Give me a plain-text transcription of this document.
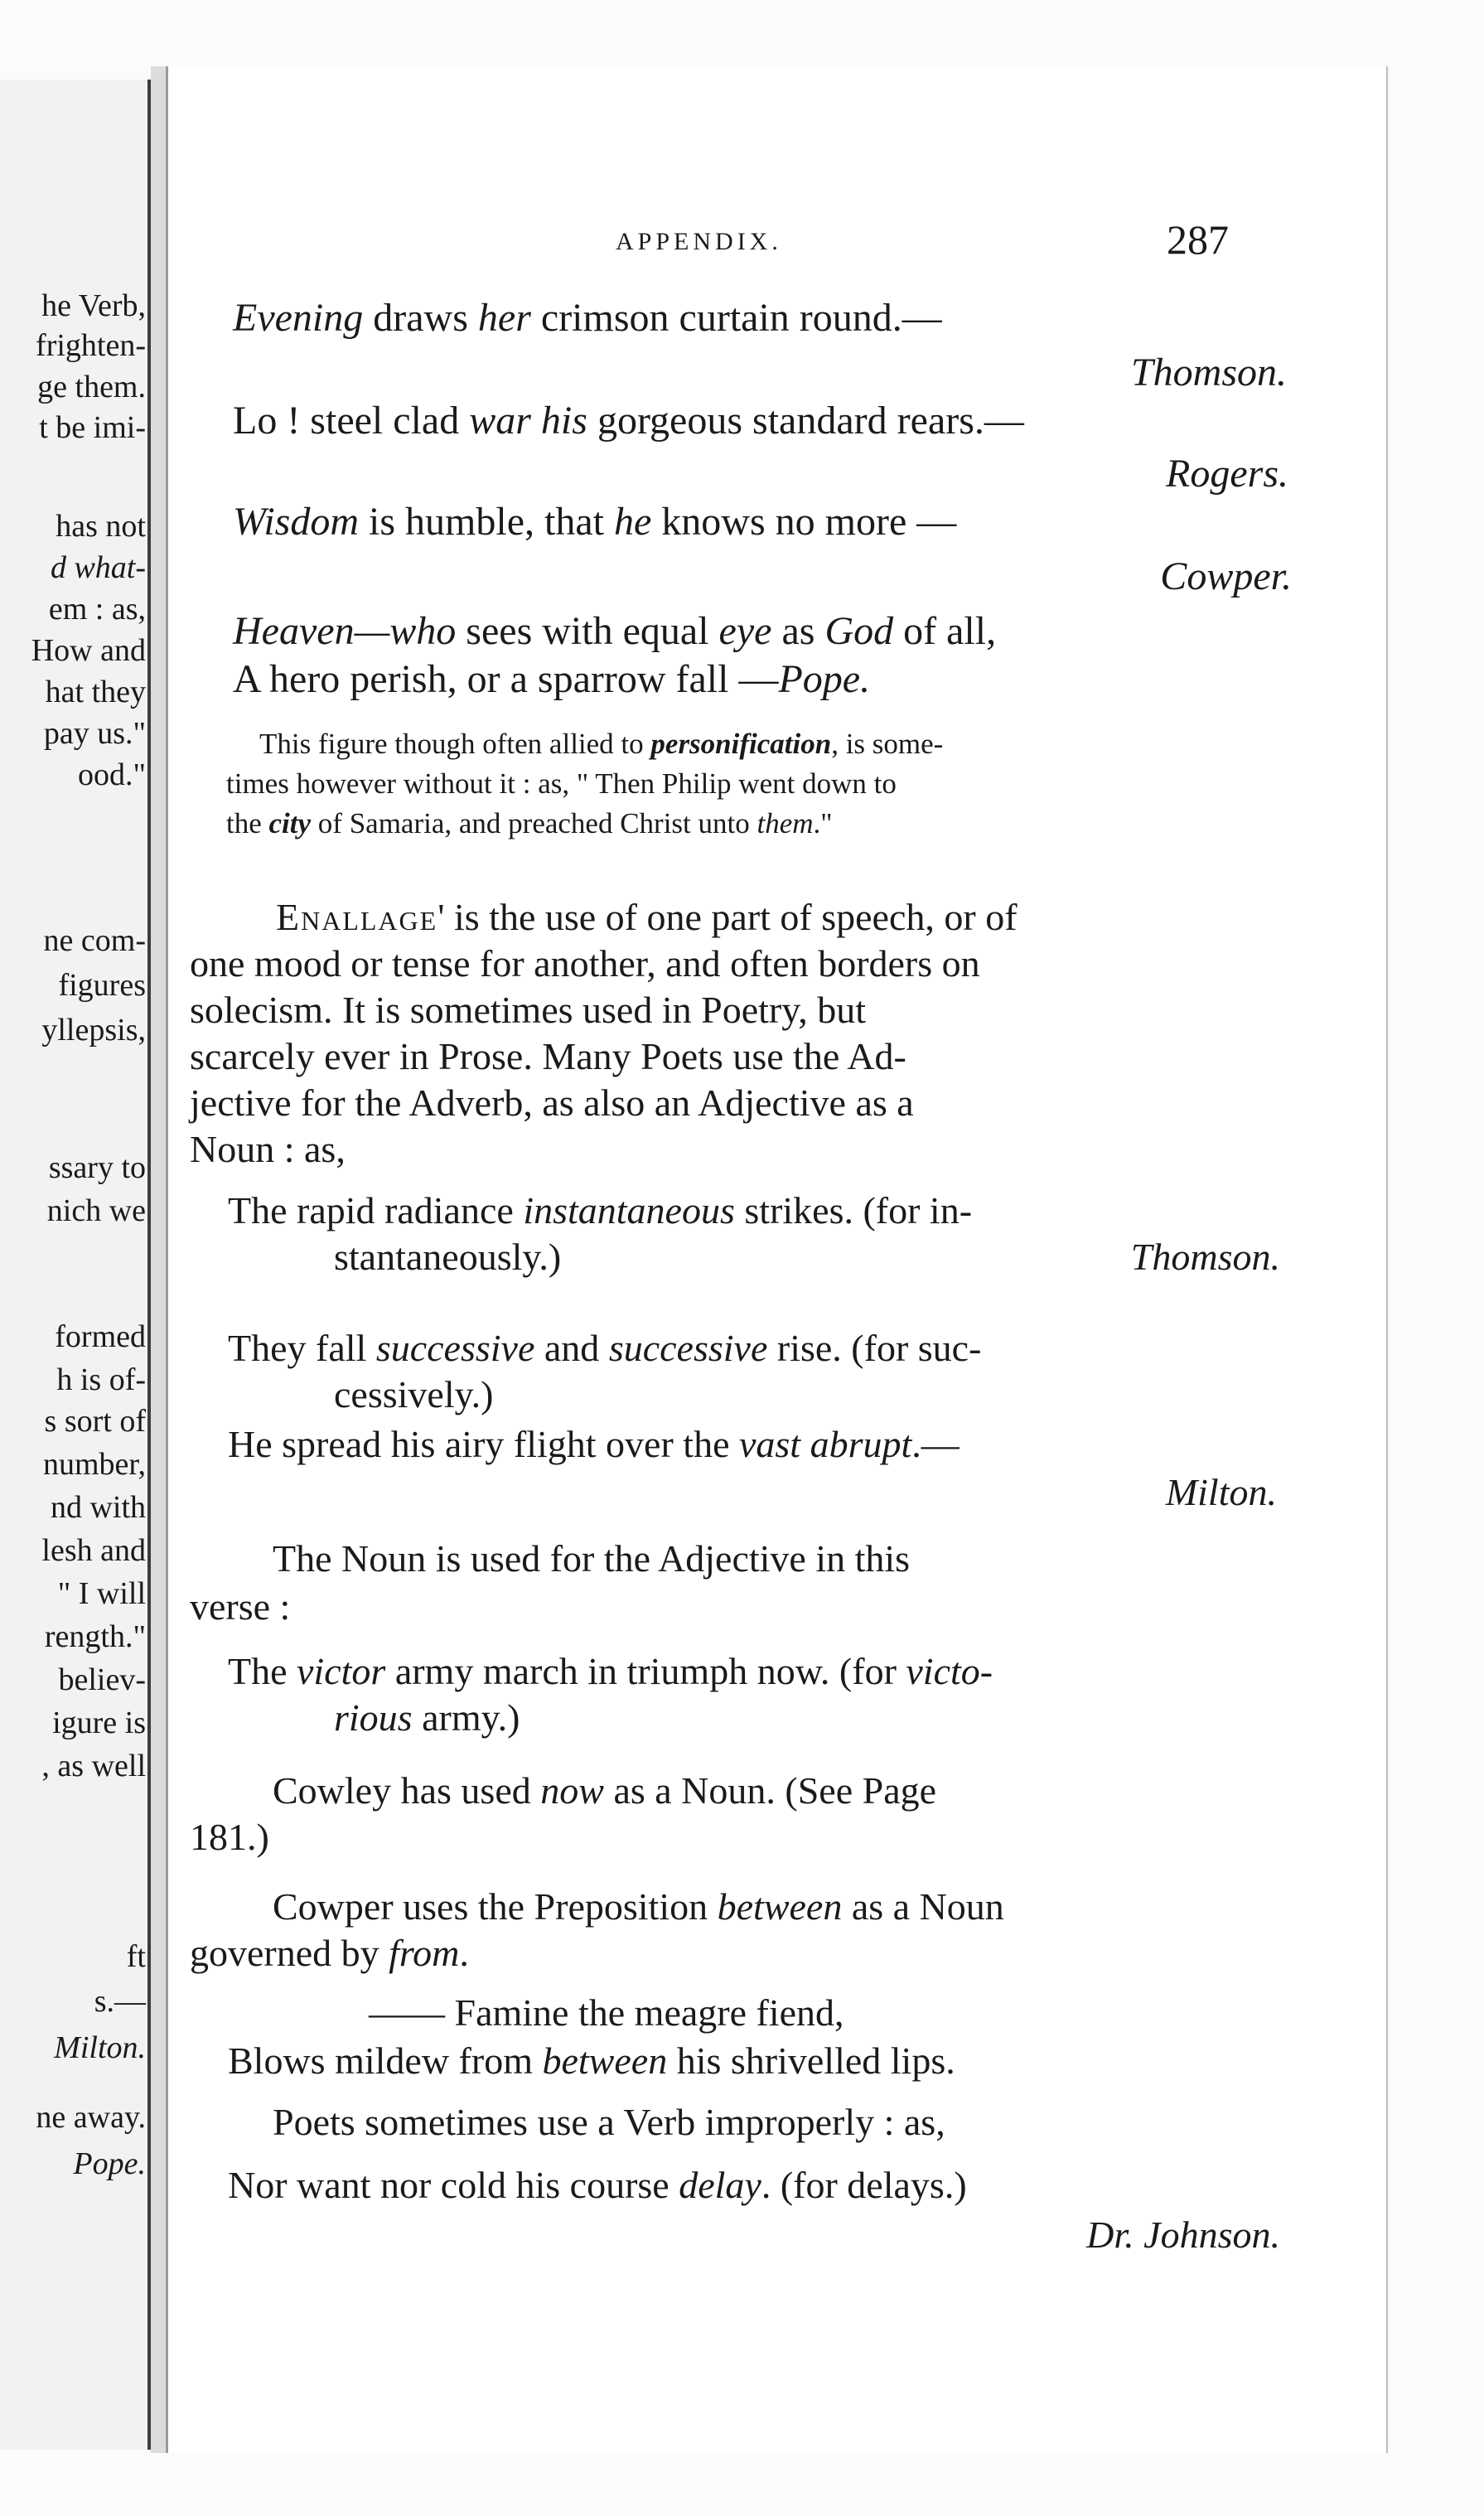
he Verb,
frighten-
ge them.
t be imi-
has not
d what-
em : as,
How and
hat they
pay us."
ood."
ne com-
figures
yllepsis,
ssary to
nich we
formed
h is of-
s sort of
number,
nd with
lesh and
" I will
rength."
believ-
igure is
, as well
ft
s.—
Milton.
ne away.
Pope.
APPENDIX.	287
Evening draws her crimson curtain round.—
Thomson.
Lo ! steel clad war his gorgeous standard rears.—
Rogers.
Wisdom is humble, that he knows no more —
Cowper.
Heaven—who sees with equal eye as God of all,
A hero perish, or a sparrow fall —Pope.
This figure though often allied to personification, is some-
times however without it : as, " Then Philip went down to
the city of Samaria, and preached Christ unto them."
Enallage' is the use of one part of speech, or of
one mood or tense for another, and often borders on
solecism. It is sometimes used in Poetry, but
scarcely ever in Prose. Many Poets use the Ad-
jective for the Adverb, as also an Adjective as a
Noun : as,
The rapid radiance instantaneous strikes. (for in-
stantaneously.)	Thomson.
They fall successive and successive rise. (for suc-
cessively.)
He spread his airy flight over the vast abrupt.—
Milton.
The Noun is used for the Adjective in this
verse :
The victor army march in triumph now. (for victo-
rious army.)
Cowley has used now as a Noun. (See Page
181.)
Cowper uses the Preposition between as a Noun
governed by from.
—— Famine the meagre fiend,
Blows mildew from between his shrivelled lips.
Poets sometimes use a Verb improperly : as,
Nor want nor cold his course delay. (for delays.)
Dr. Johnson.
